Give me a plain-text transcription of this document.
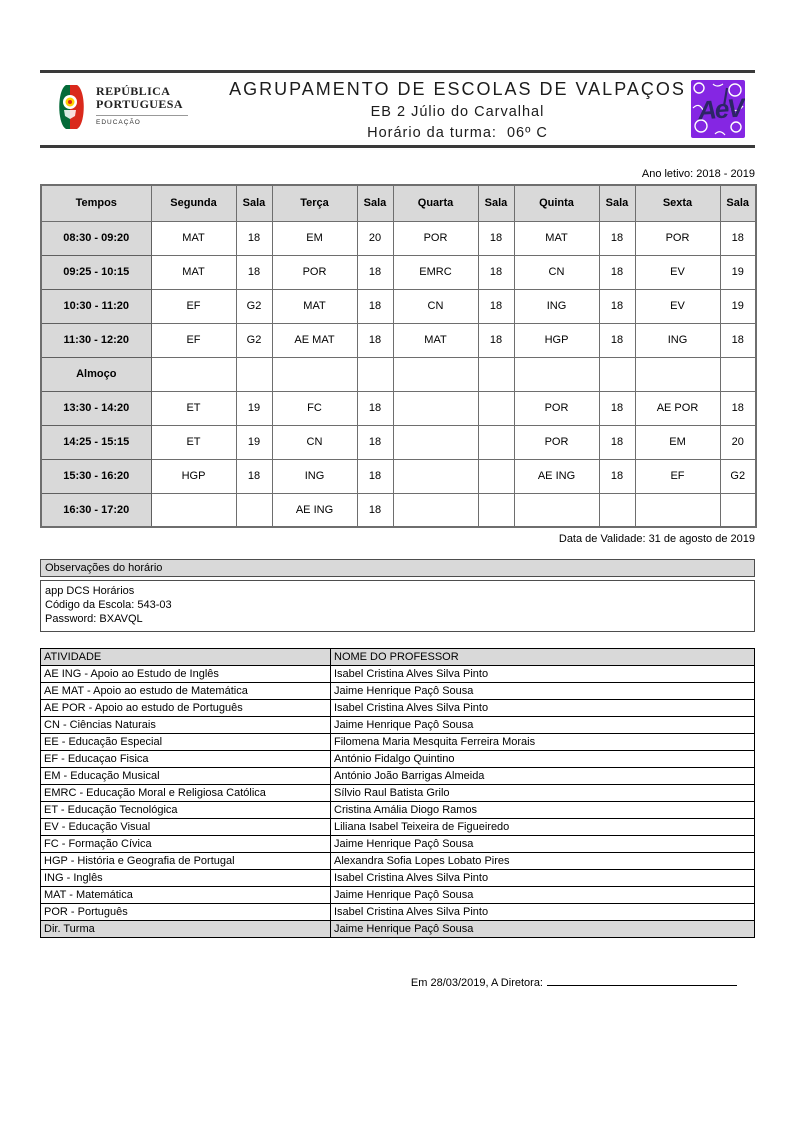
REPÚBLICA
PORTUGUESA
EDUCAÇÃO
AGRUPAMENTO DE ESCOLAS DE VALPAÇOS
EB 2 Júlio do Carvalhal
Horário da turma:  06º C
AeV
Ano letivo: 2018 - 2019
Tempos	Segunda	Sala	Terça	Sala	Quarta	Sala	Quinta	Sala	Sexta	Sala
08:30 - 09:20	MAT	18	EM	20	POR	18	MAT	18	POR	18
09:25 - 10:15	MAT	18	POR	18	EMRC	18	CN	18	EV	19
10:30 - 11:20	EF	G2	MAT	18	CN	18	ING	18	EV	19
11:30 - 12:20	EF	G2	AE MAT	18	MAT	18	HGP	18	ING	18
Almoço										
13:30 - 14:20	ET	19	FC	18			POR	18	AE POR	18
14:25 - 15:15	ET	19	CN	18			POR	18	EM	20
15:30 - 16:20	HGP	18	ING	18			AE ING	18	EF	G2
16:30 - 17:20			AE ING	18						
Data de Validade: 31 de agosto de 2019
Observações do horário
app DCS Horários
Código da Escola: 543-03
Password: BXAVQL
ATIVIDADE	NOME DO PROFESSOR
AE ING - Apoio ao Estudo de Inglês	Isabel Cristina Alves Silva Pinto
AE MAT - Apoio ao estudo de Matemática	Jaime Henrique Paçô Sousa
AE POR - Apoio ao estudo de Português	Isabel Cristina Alves Silva Pinto
CN - Ciências Naturais	Jaime Henrique Paçô Sousa
EE - Educação Especial	Filomena Maria Mesquita Ferreira Morais
EF - Educaçao Fisica	António Fidalgo Quintino
EM - Educação Musical	António João Barrigas Almeida
EMRC - Educação Moral e Religiosa Católica	Sílvio Raul Batista Grilo
ET - Educação Tecnológica	Cristina Amália Diogo Ramos
EV - Educação Visual	Liliana Isabel Teixeira de Figueiredo
FC - Formação Cívica	Jaime Henrique Paçô Sousa
HGP - História e Geografia de Portugal	Alexandra Sofia Lopes Lobato Pires
ING - Inglês	Isabel Cristina Alves Silva Pinto
MAT - Matemática	Jaime Henrique Paçô Sousa
POR - Português	Isabel Cristina Alves Silva Pinto
Dir. Turma	Jaime Henrique Paçô Sousa
Em 28/03/2019, A Diretora:
